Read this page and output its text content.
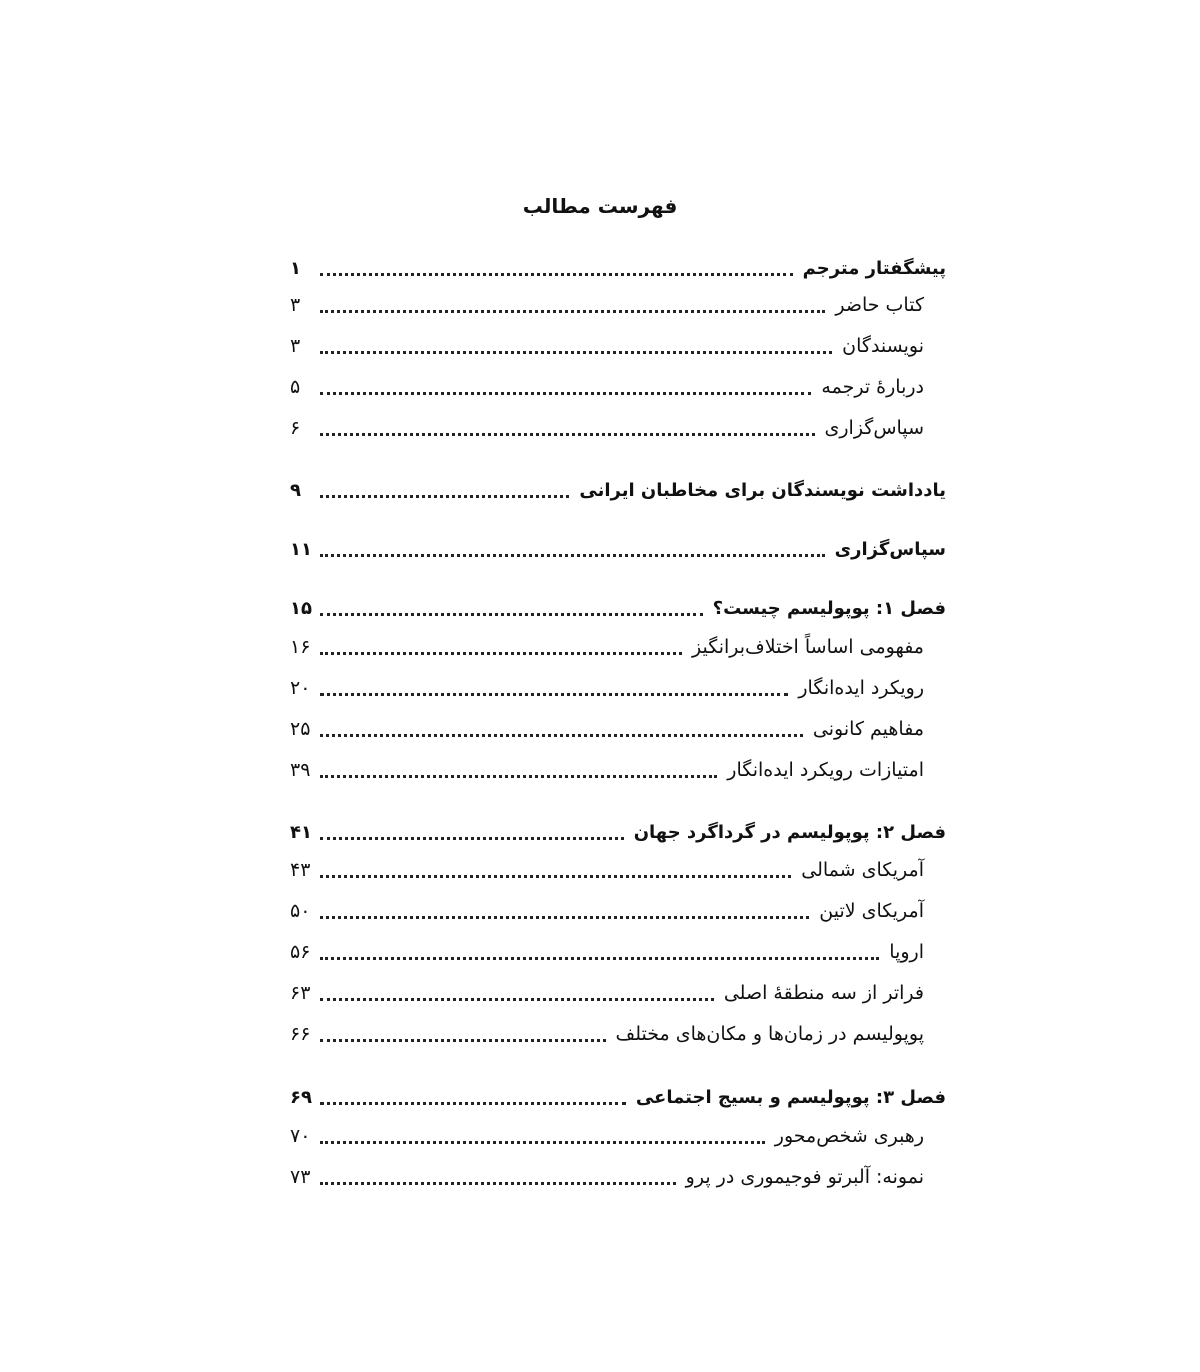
فهرست مطالب
پیشگفتار مترجم
۱
کتاب حاضر
۳
نویسندگان
۳
دربارهٔ ترجمه
۵
سپاس‌گزاری
۶
یادداشت نویسندگان برای مخاطبان ایرانی
۹
سپاس‌گزاری
۱۱
فصل ۱: پوپولیسم چیست؟
۱۵
مفهومی اساساً اختلاف‌برانگیز
۱۶
رویکرد ایده‌انگار
۲۰
مفاهیم کانونی
۲۵
امتیازات رویکرد ایده‌انگار
۳۹
فصل ۲: پوپولیسم در گرداگرد جهان
۴۱
آمریکای شمالی
۴۳
آمریکای لاتین
۵۰
اروپا
۵۶
فراتر از سه منطقهٔ اصلی
۶۳
پوپولیسم در زمان‌ها و مکان‌های مختلف
۶۶
فصل ۳: پوپولیسم و بسیج اجتماعی
۶۹
رهبری شخص‌محور
۷۰
نمونه: آلبرتو فوجیموری در پرو
۷۳
